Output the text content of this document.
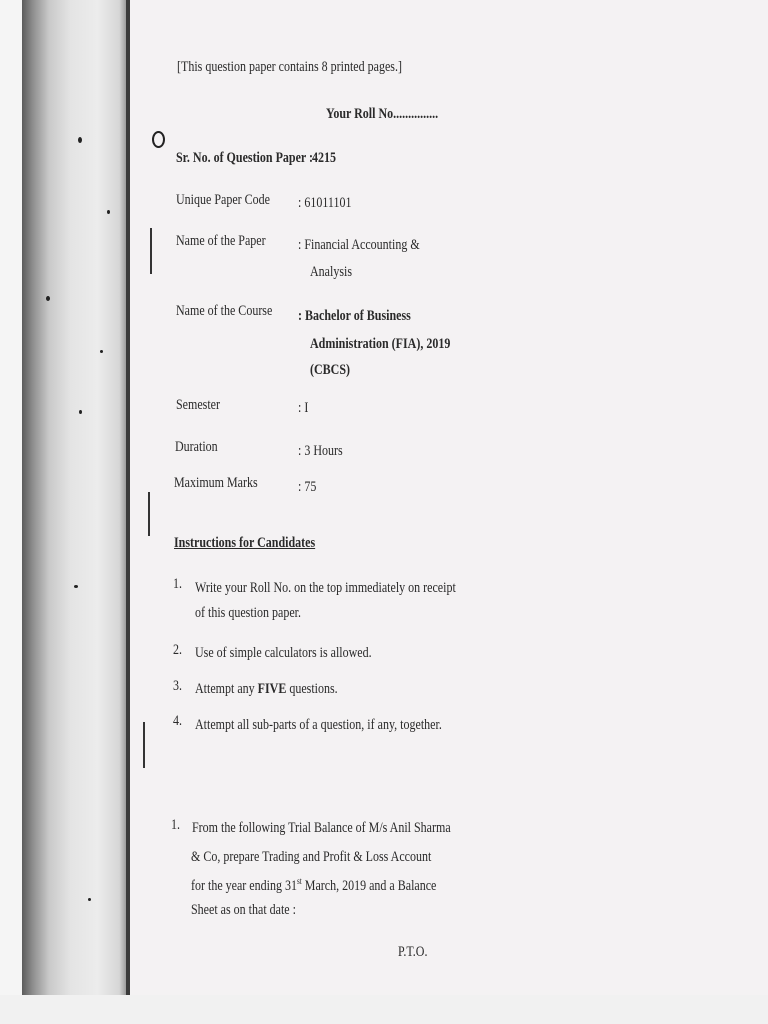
[This question paper contains 8 printed pages.]
Your Roll No...............
Sr. No. of Question Paper :
4215
Unique Paper Code : 61011101
Name of the Paper : Financial Accounting &
Analysis
Name of the Course : Bachelor of Business
Administration (FIA), 2019
(CBCS)
Semester	: I
Duration	: 3 Hours
Maximum Marks	: 75
Instructions for Candidates
1. Write your Roll No. on the top immediately on receipt
of this question paper.
2. Use of simple calculators is allowed.
3. Attempt any FIVE questions.
4. Attempt all sub-parts of a question, if any, together.
1. From the following Trial Balance of M/s Anil Sharma
& Co, prepare Trading and Profit & Loss Account
for the year ending 31st March, 2019 and a Balance
Sheet as on that date :
P.T.O.
